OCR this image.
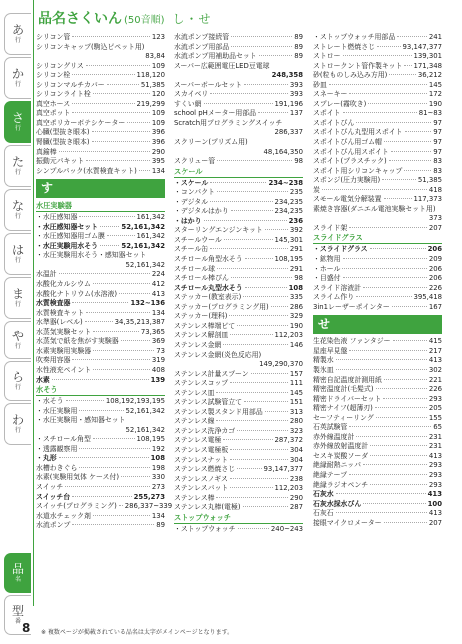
あ
行
か
行
さ
行
た
行
な
行
は
行
ま
行
や
行
ら
行
わ
行
品
名
型
番
品名さくいん (50音順) し・せ
シリコン管	123
シリコンキャップ(駒込ピペット用)
83,84
シリコングリス	109
シリコン栓	118,120
シリコンマルチカバー	51,385
シリコンライト栓	120
真空ホース	219,299
真空ポット	109
真空ポリカーボテシケーター	109
心臓(型抜き眼本)	396
腎臓(型抜き眼本)	396
真鍮棒	290
振動元パキット	395
シンプルパック(水質検査キット) 134
す
水圧実験器
・水圧感知器	161,342
・水圧感知器セット	52,161,342
・水圧感知器用ゴム膜	161,342
・水圧実験用水そう	52,161,342
・水圧実験用水そう・感知器セット
52,161,342
水温計	224
水酸化カルシウム	412
水酸化ナトリウム(水溶液)	413
水質検査器	132~136
水質検査キット	134
水準器(レベル)	34,35,213,387
水蒸気実験セット	73,365
水蒸気で紙を焦がす実験器	369
水素実験用実験器	73
吹奏用容器	319
水性液充ペイント	408
水素	139
水そう
・水そう	108,192,193,195
・水圧実験用	52,161,342
・水圧実験用・感知器セット
52,161,342
・スチロール角型	108,195
・透露観察用	192
・丸形	108
水槽わきぐら	198
水素(実験用気体 ケース付)	330
スイッチ	273
スイッチ台	255,273
スイッチ(プログラミング) 286,337~339
水道水チェック剤	134
水流ポンプ	89
水流ポンプ接続管	89
水流ポンプ用部品	89
水流ポンプ用補助品セット	89
スーパー広範囲電圧LED豆電球
248,358
スーパーボールセット	393
スカイベリ	393
すくい網	191,196
school pHメーター用部品	137
Scratch用プログラミングスイッチ
286,337
スクリーン(プリズム用)
48,164,350
スクリュー管	98
スケール
・スケール	234~238
・コンパクト	235
・デジタル	234,235
・デジタルはかり	234,235
・はかり	236
スターリングエンジンキット	392
スチールウール	145,301
スチール缶	291
スチロール角型水そう	108,195
スチロール球	291
スチロール棒ぴん	98
スチロール丸型水そう	108
ステッカー(教室表示)	335
ステッカー(プログラミング用)	286
ステッカー(理科)	329
ステンレス棒端ビて	190
ステンレス解剖皿	112,203
ステンレス金網	146
ステンレス金網(炎色反応用)
149,290,370
ステンレス計量スプーン	157
ステンレスコップ	111
ステンレス皿	145
ステンレス試験管立て	151
ステンレス製スタンド用部品	313
ステンレス線	280
ステンレス洗浄カゴ	323
ステンレス電極	287,372
ステンレス電極板	304
ステンレスナット	304
ステンレス燃焼さじ	93,147,377
ステンレスノギス	238
ステンレスバット	112,203
ステンレス棒	290
ステンレス丸棒(電極)	287
ストップウォッチ
・ストップウォッチ	240~243
・ストップウォッチ用部品	241
ストレート燃焼さじ	93,147,377
ストロー	139,301
ストロークント管作製キット 171,348
砂(粒ものしみ込み方用)	36,212
砂皿	145
スネーキー	172
スプレー(霧吹き)	190
スポイト	81~83
スポイトびん	97
スポイトびん丸型用スポイト	97
スポイトびん用ゴム帽	97
スポイトびん用スポイト	97
スポイト(プラスチック)	83
スポイト用シリコンキャップ	83
スポンジ(圧力実験用)	51,385
炭	418
スモール電気分解装置	117,373
素焼き容器(ダニエル電池実験セット用)
373
スライド架	207
スライドグラス
・スライドグラス	206
・鉱物用	209
・ホール	206
・目盛付	206
スライド溶液計	226
スライム作り	395,418
3in1レーザーポインター	167
せ
生花染色液 ファンタジー	415
星座早見盤	217
精製水	413
製氷皿	302
精密自記温度計測用紙	221
精密温度計(毛髪式)	226
精密ドライバーセット	293
精密ナイフ(超薄刃)	205
セーフティーリング	155
石英試験管	65
赤外線温度計	231
赤外線放射温度計	231
セスキ炭酸ソーダ	413
絶縁耐熱ニッパ	293
絶縁テープ	293
絶縁ラジオペンチ	293
石灰水	413
石灰水採水びん	100
石灰石	413
接眼マイクロメーター	207
8 ※ 複数ページが掲載されている品名は太字がメインページとなります。
